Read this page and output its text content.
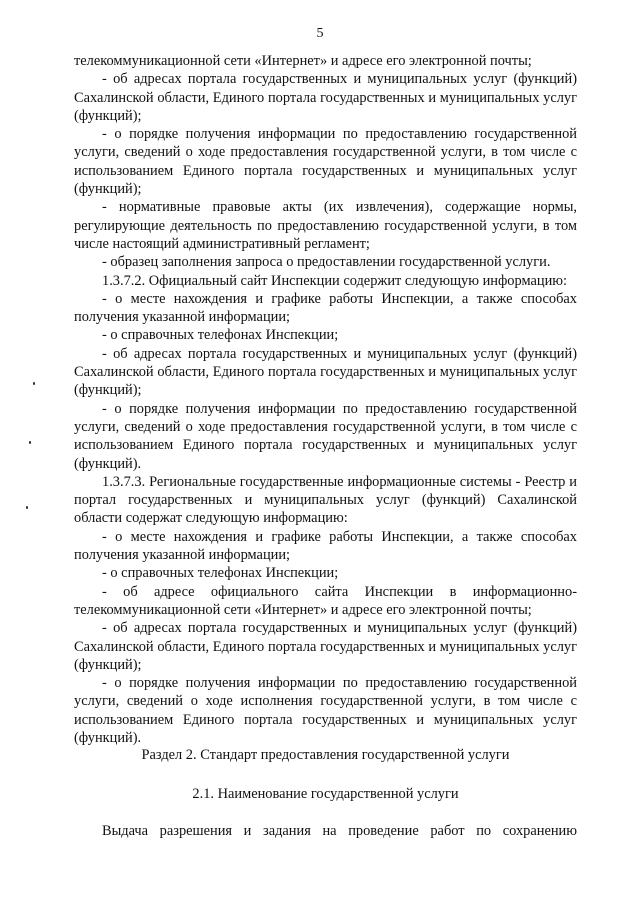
5

телекоммуникационной сети «Интернет» и адресе его электронной почты;

- об адресах портала государственных и муниципальных услуг (функций) Сахалинской области, Единого портала государственных и муниципальных услуг (функций);

- о порядке получения информации по предоставлению государственной услуги, сведений о ходе предоставления государственной услуги, в том числе с использованием Единого портала государственных и муниципальных услуг (функций);

- нормативные правовые акты (их извлечения), содержащие нормы, регулирующие деятельность по предоставлению государственной услуги, в том числе настоящий административный регламент;

- образец заполнения запроса о предоставлении государственной услуги.

1.3.7.2. Официальный сайт Инспекции содержит следующую информацию:

- о месте нахождения и графике работы Инспекции, а также способах получения указанной информации;

- о справочных телефонах Инспекции;

- об адресах портала государственных и муниципальных услуг (функций) Сахалинской области, Единого портала государственных и муниципальных услуг (функций);

- о порядке получения информации по предоставлению государственной услуги, сведений о ходе предоставления государственной услуги, в том числе с использованием Единого портала государственных и муниципальных услуг (функций).

1.3.7.3. Региональные государственные информационные системы - Реестр и портал государственных и муниципальных услуг (функций) Сахалинской области содержат следующую информацию:

- о месте нахождения и графике работы Инспекции, а также способах получения указанной информации;

- о справочных телефонах Инспекции;

- об адресе официального сайта Инспекции в информационно-телекоммуникационной сети «Интернет» и адресе его электронной почты;

- об адресах портала государственных и муниципальных услуг (функций) Сахалинской области, Единого портала государственных и муниципальных услуг (функций);

- о порядке получения информации по предоставлению государственной услуги, сведений о ходе исполнения государственной услуги, в том числе с использованием Единого портала государственных и муниципальных услуг (функций).

Раздел 2. Стандарт предоставления государственной услуги

2.1. Наименование государственной услуги

Выдача разрешения и задания на проведение работ по сохранению
